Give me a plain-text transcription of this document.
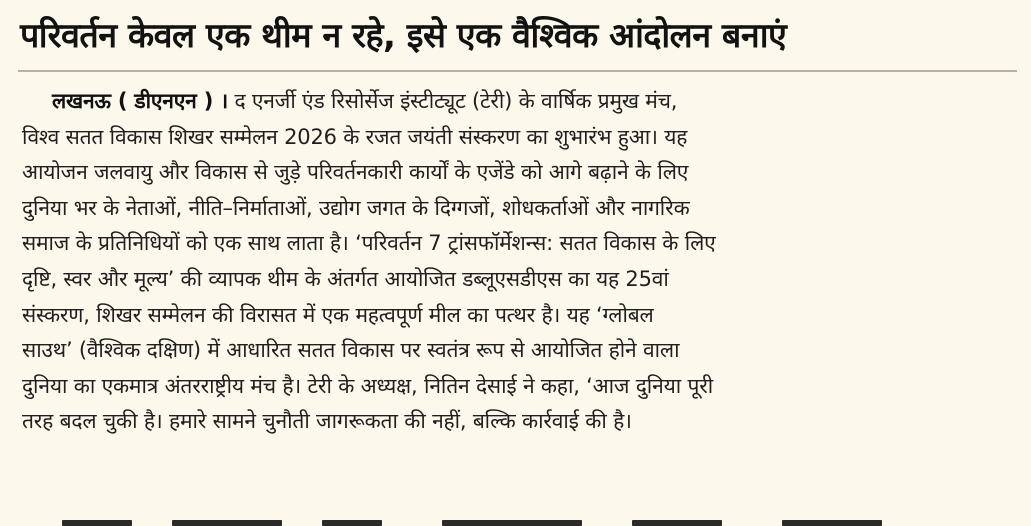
परिवर्तन केवल एक थीम न रहे, इसे एक वैश्विक आंदोलन बनाएं
लखनऊ ( डीएनएन ) । द एनर्जी एंड रिसोर्सेज इंस्टीट्यूट (टेरी) के वार्षिक प्रमुख मंच,
विश्व सतत विकास शिखर सम्मेलन 2026 के रजत जयंती संस्करण का शुभारंभ हुआ। यह
आयोजन जलवायु और विकास से जुड़े परिवर्तनकारी कार्यों के एजेंडे को आगे बढ़ाने के लिए
दुनिया भर के नेताओं, नीति–निर्माताओं, उद्योग जगत के दिग्गजों, शोधकर्ताओं और नागरिक
समाज के प्रतिनिधियों को एक साथ लाता है। ‘परिवर्तन 7 ट्रांसफॉर्मेशन्स: सतत विकास के लिए
दृष्टि, स्वर और मूल्य’ की व्यापक थीम के अंतर्गत आयोजित डब्लूएसडीएस का यह 25वां
संस्करण, शिखर सम्मेलन की विरासत में एक महत्वपूर्ण मील का पत्थर है। यह ‘ग्लोबल
साउथ’ (वैश्विक दक्षिण) में आधारित सतत विकास पर स्वतंत्र रूप से आयोजित होने वाला
दुनिया का एकमात्र अंतरराष्ट्रीय मंच है। टेरी के अध्यक्ष, नितिन देसाई ने कहा, ‘आज दुनिया पूरी
तरह बदल चुकी है। हमारे सामने चुनौती जागरूकता की नहीं, बल्कि कार्रवाई की है।
